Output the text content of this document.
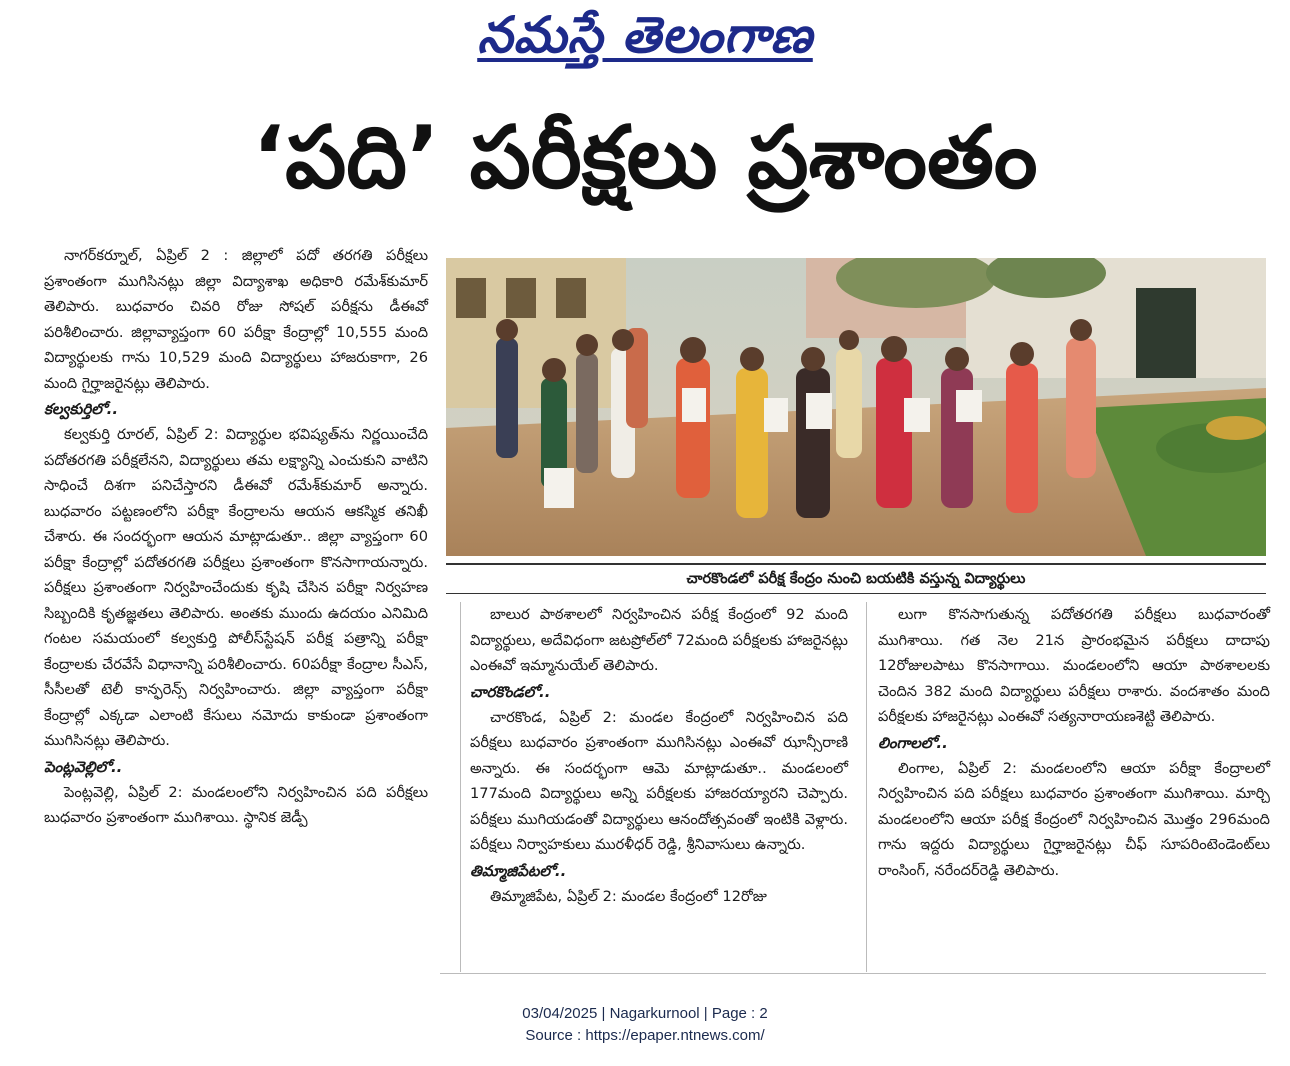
నమస్తే తెలంగాణ
‘పది’ పరీక్షలు ప్రశాంతం

నాగర్‌కర్నూల్, ఏప్రిల్ 2 : జిల్లాలో పదో తరగతి పరీక్షలు ప్రశాంతంగా ముగిసినట్లు జిల్లా విద్యాశాఖ అధికారి రమేశ్‌కుమార్ తెలిపారు. బుధవారం చివరి రోజు సోషల్ పరీక్షను డీఈవో పరిశీలించారు. జిల్లావ్యాప్తంగా 60 పరీక్షా కేంద్రాల్లో 10,555 మంది విద్యార్థులకు గాను 10,529 మంది విద్యార్థులు హాజరుకాగా, 26 మంది గైర్హాజరైనట్లు తెలిపారు.

కల్వకుర్తిలో..

కల్వకుర్తి రూరల్, ఏప్రిల్ 2: విద్యార్థుల భవిష్యత్‌ను నిర్ణయించేది పదోతరగతి పరీక్షలేనని, విద్యార్థులు తమ లక్ష్యాన్ని ఎంచుకుని వాటిని సాధించే దిశగా పనిచేస్తారని డీఈవో రమేశ్‌కుమార్ అన్నారు. బుధవారం పట్టణంలోని పరీక్షా కేంద్రాలను ఆయన ఆకస్మిక తనిఖీ చేశారు. ఈ సందర్భంగా ఆయన మాట్లాడుతూ.. జిల్లా వ్యాప్తంగా 60 పరీక్షా కేంద్రాల్లో పదోతరగతి పరీక్షలు ప్రశాంతంగా కొనసాగాయన్నారు. పరీక్షలు ప్రశాంతంగా నిర్వహించేందుకు కృషి చేసిన పరీక్షా నిర్వహణ సిబ్బందికి కృతజ్ఞతలు తెలిపారు. అంతకు ముందు ఉదయం ఎనిమిది గంటల సమయంలో కల్వకుర్తి పోలీస్‌స్టేషన్ పరీక్ష పత్రాన్ని పరీక్షా కేంద్రాలకు చేరవేసే విధానాన్ని పరిశీలించారు. 60పరీక్షా కేంద్రాల సీఎస్, సీసీలతో టెలీ కాన్ఫరెన్స్ నిర్వహించారు. జిల్లా వ్యాప్తంగా పరీక్షా కేంద్రాల్లో ఎక్కడా ఎలాంటి కేసులు నమోదు కాకుండా ప్రశాంతంగా ముగిసినట్లు తెలిపారు.

పెంట్లవెల్లిలో..

పెంట్లవెల్లి, ఏప్రిల్ 2: మండలంలోని నిర్వహించిన పది పరీక్షలు బుధవారం ప్రశాంతంగా ముగిశాయి. స్థానిక జెడ్పీ

చారకొండలో పరీక్ష కేంద్రం నుంచి బయటికి వస్తున్న విద్యార్థులు

బాలుర పాఠశాలలో నిర్వహించిన పరీక్ష కేంద్రంలో 92 మంది విద్యార్థులు, అదేవిధంగా జటప్రోల్‌లో 72మంది పరీక్షలకు హాజరైనట్లు ఎంఈవో ఇమ్మానుయేల్ తెలిపారు.

చారకొండలో..

చారకొండ, ఏప్రిల్ 2: మండల కేంద్రంలో నిర్వహించిన పది పరీక్షలు బుధవారం ప్రశాంతంగా ముగిసినట్లు ఎంఈవో ఝాన్సీరాణి అన్నారు. ఈ సందర్భంగా ఆమె మాట్లాడుతూ.. మండలంలో 177మంది విద్యార్థులు అన్ని పరీక్షలకు హాజరయ్యారని చెప్పారు. పరీక్షలు ముగియడంతో విద్యార్థులు ఆనందోత్సవంతో ఇంటికి వెళ్లారు. పరీక్షలు నిర్వాహకులు మురళీధర్ రెడ్డి, శ్రీనివాసులు ఉన్నారు.

తిమ్మాజిపేటలో..

తిమ్మాజిపేట, ఏప్రిల్ 2: మండల కేంద్రంలో 12రోజు

లుగా కొనసాగుతున్న పదోతరగతి పరీక్షలు బుధవారంతో ముగిశాయి. గత నెల 21న ప్రారంభమైన పరీక్షలు దాదాపు 12రోజులపాటు కొనసాగాయి. మండలంలోని ఆయా పాఠశాలలకు చెందిన 382 మంది విద్యార్థులు పరీక్షలు రాశారు. వందశాతం మంది పరీక్షలకు హాజరైనట్లు ఎంఈవో సత్యనారాయణశెట్టి తెలిపారు.

లింగాలలో..

లింగాల, ఏప్రిల్ 2: మండలంలోని ఆయా పరీక్షా కేంద్రాలలో నిర్వహించిన పది పరీక్షలు బుధవారం ప్రశాంతంగా ముగిశాయి. మార్చి మండలంలోని ఆయా పరీక్ష కేంద్రంలో నిర్వహించిన మొత్తం 296మంది గాను ఇద్దరు విద్యార్థులు గైర్హాజరైనట్లు చీఫ్ సూపరింటెండెంట్‌లు రాంసింగ్, నరేందర్‌రెడ్డి తెలిపారు.

03/04/2025 | Nagarkurnool | Page : 2
Source : https://epaper.ntnews.com/
